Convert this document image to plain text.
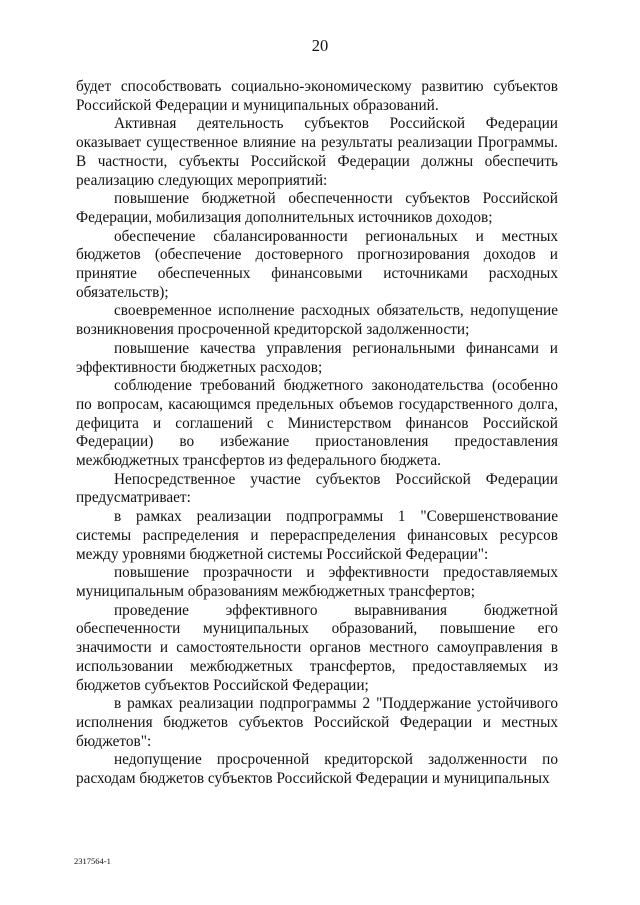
20

будет способствовать социально-экономическому развитию субъектов Российской Федерации и муниципальных образований.

Активная деятельность субъектов Российской Федерации оказывает существенное влияние на результаты реализации Программы. В частности, субъекты Российской Федерации должны обеспечить реализацию следующих мероприятий:

повышение бюджетной обеспеченности субъектов Российской Федерации, мобилизация дополнительных источников доходов;

обеспечение сбалансированности региональных и местных бюджетов (обеспечение достоверного прогнозирования доходов и принятие обеспеченных финансовыми источниками расходных обязательств);

своевременное исполнение расходных обязательств, недопущение возникновения просроченной кредиторской задолженности;

повышение качества управления региональными финансами и эффективности бюджетных расходов;

соблюдение требований бюджетного законодательства (особенно по вопросам, касающимся предельных объемов государственного долга, дефицита и соглашений с Министерством финансов Российской Федерации) во избежание приостановления предоставления межбюджетных трансфертов из федерального бюджета.

Непосредственное участие субъектов Российской Федерации предусматривает:

в рамках реализации подпрограммы 1 "Совершенствование системы распределения и перераспределения финансовых ресурсов между уровнями бюджетной системы Российской Федерации":

повышение прозрачности и эффективности предоставляемых муниципальным образованиям межбюджетных трансфертов;

проведение эффективного выравнивания бюджетной обеспеченности муниципальных образований, повышение его значимости и самостоятельности органов местного самоуправления в использовании межбюджетных трансфертов, предоставляемых из бюджетов субъектов Российской Федерации;

в рамках реализации подпрограммы 2 "Поддержание устойчивого исполнения бюджетов субъектов Российской Федерации и местных бюджетов":

недопущение просроченной кредиторской задолженности по расходам бюджетов субъектов Российской Федерации и муниципальных

2317564-1
